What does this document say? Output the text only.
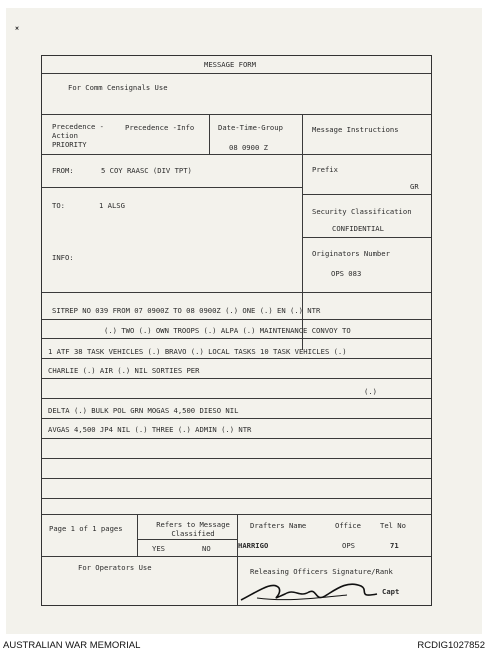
˟
MESSAGE FORM
For Comm Censignals Use
Precedence - Action
PRIORITY
Precedence -Info	Date-Time-Group
08 0900 Z
Message Instructions
FROM:	5 COY RAASC (DIV TPT)	Prefix
GR
TO:	1 ALSG
Security Classification
CONFIDENTIAL
INFO:	Originators Number
OPS 083
SITREP NO 039 FROM 07 0900Z TO 08 0900Z (.) ONE (.) EN (.) NTR
(.) TWO (.) OWN TROOPS (.) ALPA (.) MAINTENANCE CONVOY TO
1 ATF 38 TASK VEHICLES (.) BRAVO (.) LOCAL TASKS 10 TASK VEHICLES (.)
CHARLIE (.) AIR (.) NIL SORTIES PER
(.)
DELTA (.) BULK POL GRN MOGAS 4,500 DIESO NIL
AVGAS 4,500 JP4 NIL (.) THREE (.) ADMIN (.) NTR
Page 1 of 1 pages	Refers to Message Classified
YES	NO
Drafters Name	Office	Tel No
HARRIGO	OPS	71
For Operators Use	Releasing Officers Signature/Rank
Capt
AUSTRALIAN WAR MEMORIAL	RCDIG1027852
